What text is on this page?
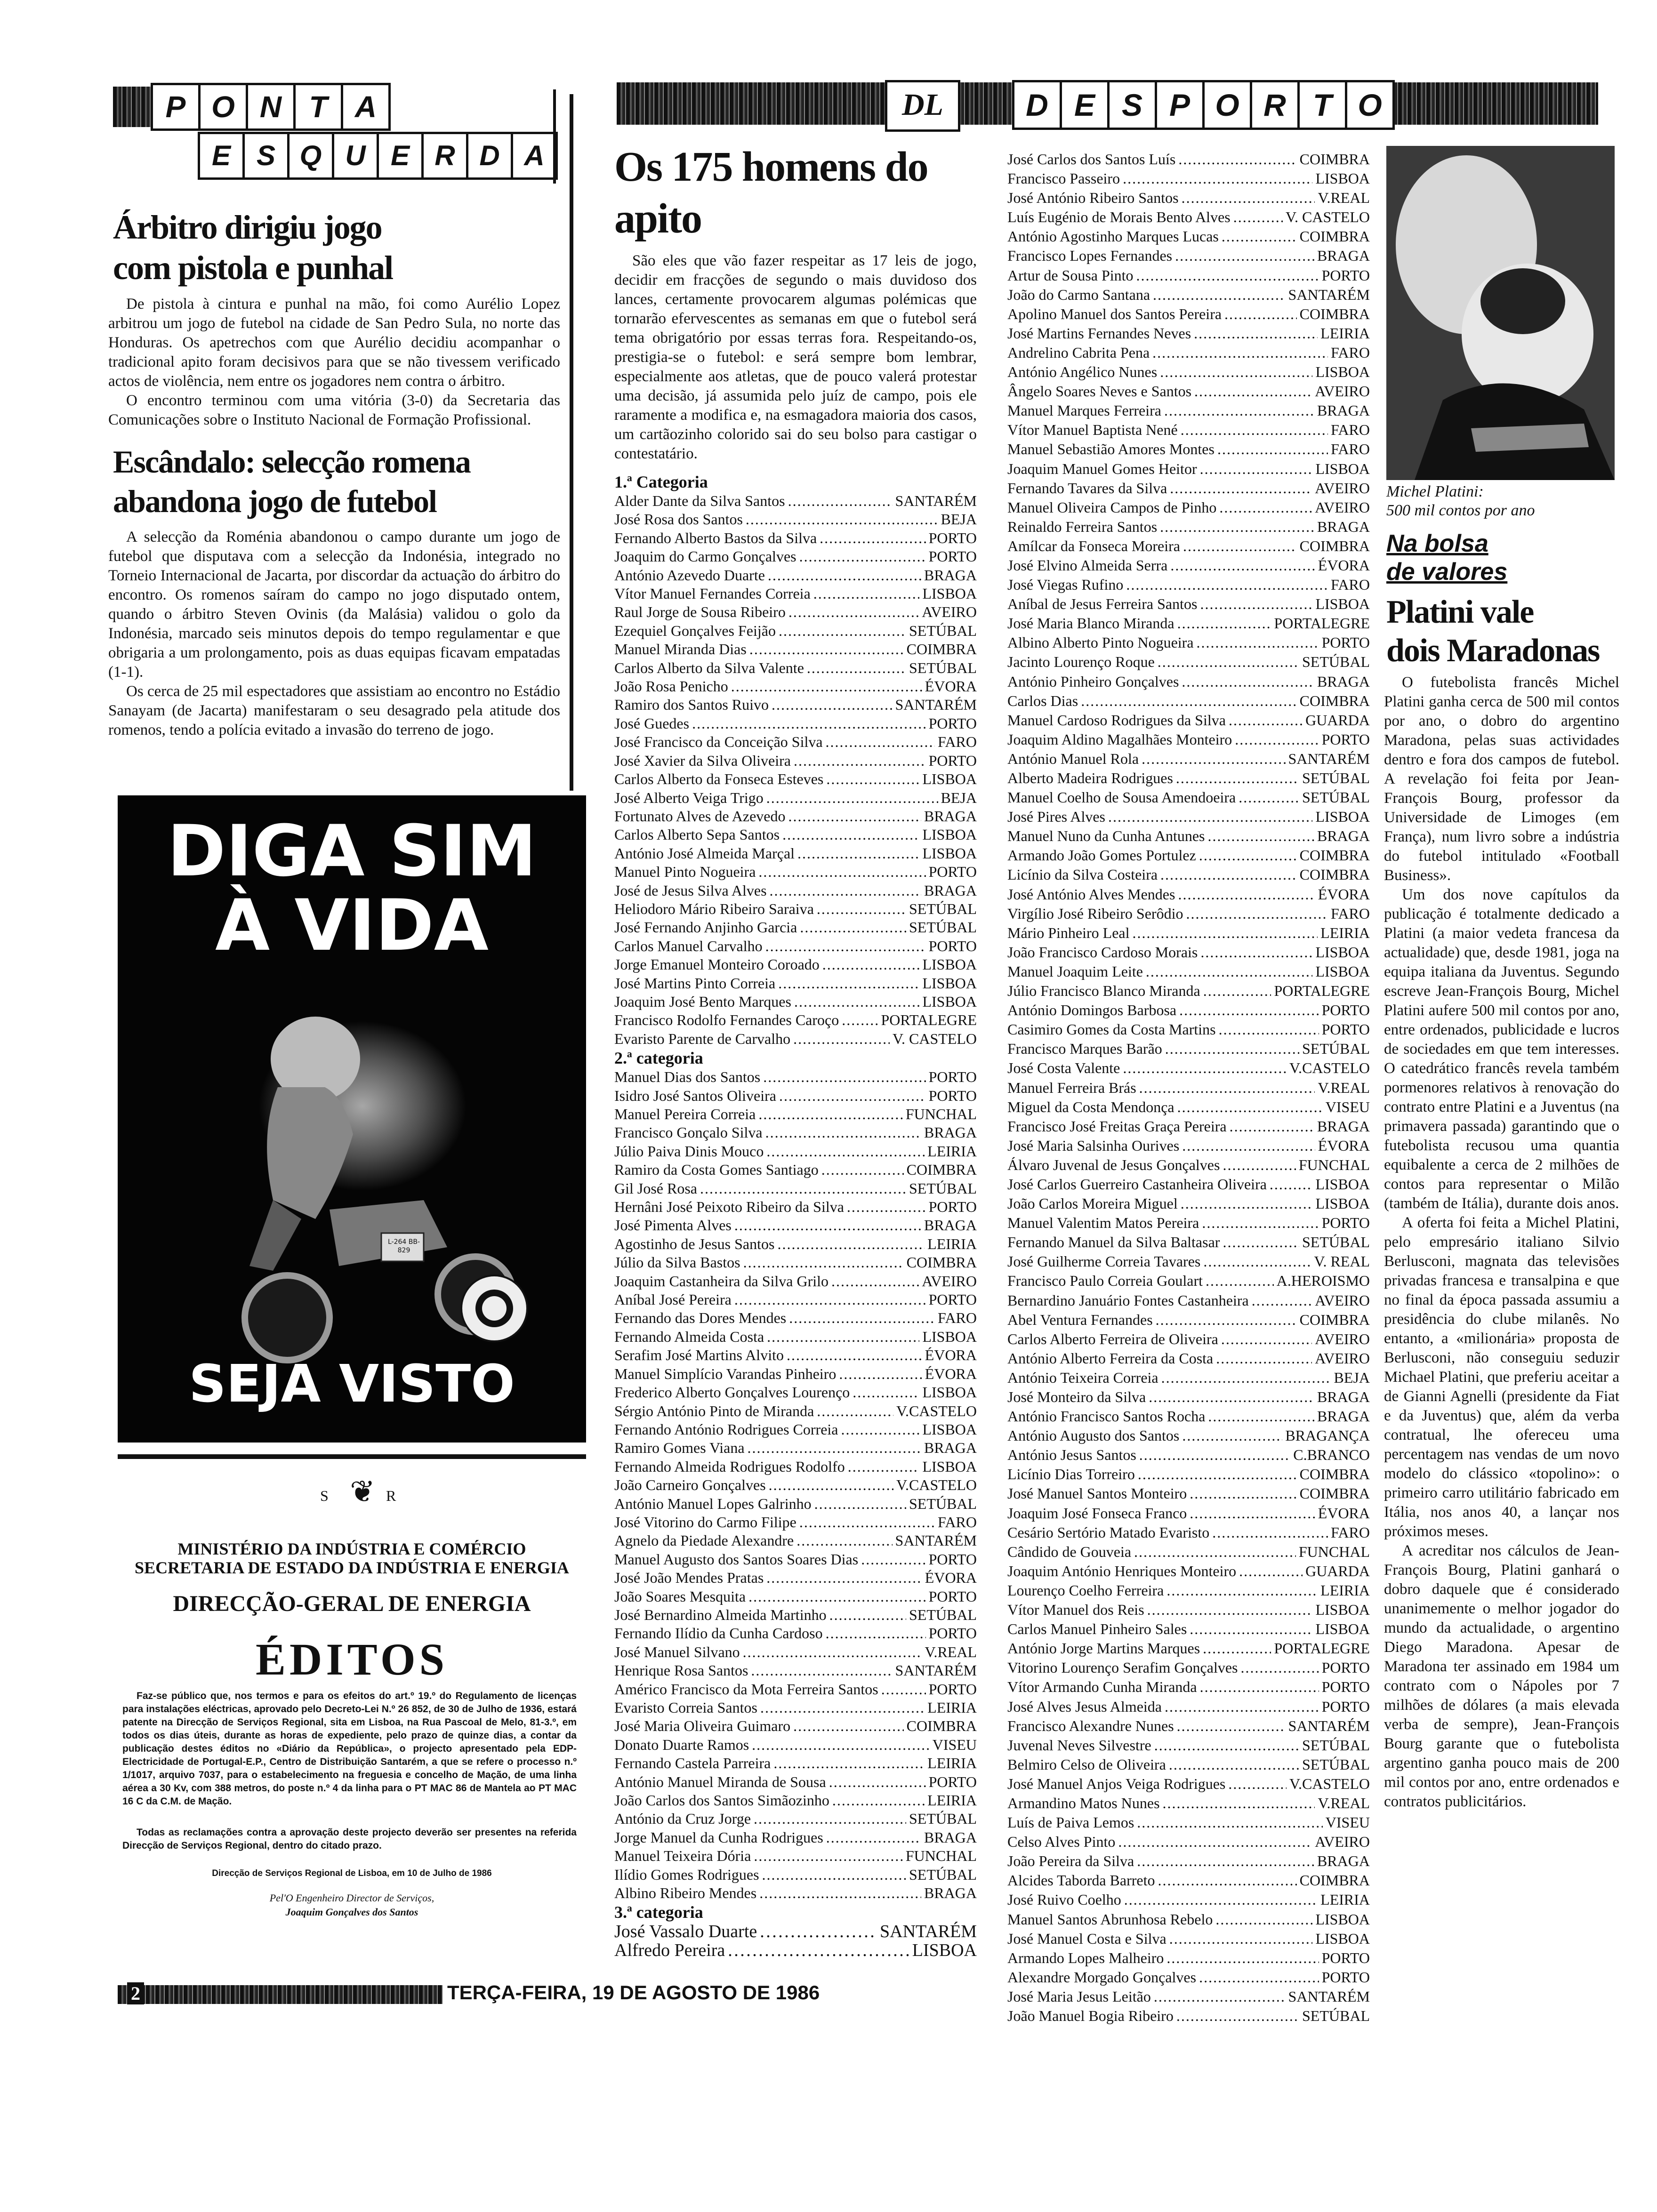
P O N T A
E S Q U E R D A
Árbitro dirigiu jogo
com pistola e punhal

De pistola à cintura e punhal na mão, foi como Aurélio Lopez arbitrou um jogo de futebol na cidade de San Pedro Sula, no norte das Honduras. Os apetrechos com que Aurélio decidiu acompanhar o tradicional apito foram decisivos para que se não tivessem verificado actos de violência, nem entre os jogadores nem contra o árbitro.

O encontro terminou com uma vitória (3-0) da Secretaria das Comunicações sobre o Instituto Nacional de Formação Profissional.

Escândalo: selecção romena
abandona jogo de futebol

A selecção da Roménia abandonou o campo durante um jogo de futebol que disputava com a selecção da Indonésia, integrado no Torneio Internacional de Jacarta, por discordar da actuação do árbitro do encontro. Os romenos saíram do campo no jogo disputado ontem, quando o árbitro Steven Ovinis (da Malásia) validou o golo da Indonésia, marcado seis minutos depois do tempo regulamentar e que obrigaria a um prolongamento, pois as duas equipas ficavam empatadas (1-1).

Os cerca de 25 mil espectadores que assistiam ao encontro no Estádio Sanayam (de Jacarta) manifestaram o seu desagrado pela atitude dos romenos, tendo a polícia evitado a invasão do terreno de jogo.

DIGA SIM
À VIDA
L-264 BB-829
SEJA VISTO
S ❦ R
MINISTÉRIO DA INDÚSTRIA E COMÉRCIO
SECRETARIA DE ESTADO DA INDÚSTRIA E ENERGIA
DIRECÇÃO-GERAL DE ENERGIA
ÉDITOS
Faz-se público que, nos termos e para os efeitos do art.º 19.º do Regulamento de licenças para instalações eléctricas, aprovado pelo Decreto-Lei N.º 26 852, de 30 de Julho de 1936, estará patente na Direcção de Serviços Regional, sita em Lisboa, na Rua Pascoal de Melo, 81-3.º, em todos os dias úteis, durante as horas de expediente, pelo prazo de quinze dias, a contar da publicação destes éditos no «Diário da República», o projecto apresentado pela EDP-Electricidade de Portugal-E.P., Centro de Distribuição Santarém, a que se refere o processo n.º 1/1017, arquivo 7037, para o estabelecimento na freguesia e concelho de Mação, de uma linha aérea a 30 Kv, com 388 metros, do poste n.º 4 da linha para o PT MAC 86 de Mantela ao PT MAC 16 C da C.M. de Mação.
Todas as reclamações contra a aprovação deste projecto deverão ser presentes na referida Direcção de Serviços Regional, dentro do citado prazo.
Direcção de Serviços Regional de Lisboa, em 10 de Julho de 1986
Pel'O Engenheiro Director de Serviços,
Joaquim Gonçalves dos Santos
DL	D E S P O R T O
Os 175 homens do apito

São eles que vão fazer respeitar as 17 leis de jogo, decidir em fracções de segundo o mais duvidoso dos lances, certamente provocarem algumas polémicas que tornarão efervescentes as semanas em que o futebol será tema obrigatório por essas terras fora. Respeitando-os, prestigia-se o futebol: e será sempre bom lembrar, especialmente aos atletas, que de pouco valerá protestar uma decisão, já assumida pelo juíz de campo, pois ele raramente a modifica e, na esmagadora maioria dos casos, um cartãozinho colorido sai do seu bolso para castigar o contestatário.

1.ª Categoria
Alder Dante da Silva Santos . . .	SANTARÉM
José Rosa dos Santos . . .	BEJA
Fernando Alberto Bastos da Silva . . .	PORTO
Joaquim do Carmo Gonçalves . . .	PORTO
António Azevedo Duarte . . .	BRAGA
Vítor Manuel Fernandes Correia . . .	LISBOA
Raul Jorge de Sousa Ribeiro . . .	AVEIRO
Ezequiel Gonçalves Feijão . . .	SETÚBAL
Manuel Miranda Dias . . .	COIMBRA
Carlos Alberto da Silva Valente . . .	SETÚBAL
João Rosa Penicho . . .	ÉVORA
Ramiro dos Santos Ruivo . . .	SANTARÉM
José Guedes . . .	PORTO
José Francisco da Conceição Silva . . .	FARO
José Xavier da Silva Oliveira . . .	PORTO
Carlos Alberto da Fonseca Esteves . . .	LISBOA
José Alberto Veiga Trigo . . .	BEJA
Fortunato Alves de Azevedo . . .	BRAGA
Carlos Alberto Sepa Santos . . .	LISBOA
António José Almeida Marçal . . .	LISBOA
Manuel Pinto Nogueira . . .	PORTO
José de Jesus Silva Alves . . .	BRAGA
Heliodoro Mário Ribeiro Saraiva . . .	SETÚBAL
José Fernando Anjinho Garcia . . .	SETÚBAL
Carlos Manuel Carvalho . . .	PORTO
Jorge Emanuel Monteiro Coroado . . .	LISBOA
José Martins Pinto Correia . . .	LISBOA
Joaquim José Bento Marques . . .	LISBOA
Francisco Rodolfo Fernandes Caroço . . .	PORTALEGRE
Evaristo Parente de Carvalho . . .	V. CASTELO
2.ª categoria
Manuel Dias dos Santos . . .	PORTO
Isidro José Santos Oliveira . . .	PORTO
Manuel Pereira Correia . . .	FUNCHAL
Francisco Gonçalo Silva . . .	BRAGA
Júlio Paiva Dinis Mouco . . .	LEIRIA
Ramiro da Costa Gomes Santiago . . .	COIMBRA
Gil José Rosa . . .	SETÚBAL
Hernâni José Peixoto Ribeiro da Silva . . .	PORTO
José Pimenta Alves . . .	BRAGA
Agostinho de Jesus Santos . . .	LEIRIA
Júlio da Silva Bastos . . .	COIMBRA
Joaquim Castanheira da Silva Grilo . . .	AVEIRO
Aníbal José Pereira . . .	PORTO
Fernando das Dores Mendes . . .	FARO
Fernando Almeida Costa . . .	LISBOA
Serafim José Martins Alvito . . .	ÉVORA
Manuel Simplício Varandas Pinheiro . . .	ÉVORA
Frederico Alberto Gonçalves Lourenço . . .	LISBOA
Sérgio António Pinto de Miranda . . .	V.CASTELO
Fernando António Rodrigues Correia . . .	LISBOA
Ramiro Gomes Viana . . .	BRAGA
Fernando Almeida Rodrigues Rodolfo . . .	LISBOA
João Carneiro Gonçalves . . .	V.CASTELO
António Manuel Lopes Galrinho . . .	SETÚBAL
José Vitorino do Carmo Filipe . . .	FARO
Agnelo da Piedade Alexandre . . .	SANTARÉM
Manuel Augusto dos Santos Soares Dias . . .	PORTO
José João Mendes Pratas . . .	ÉVORA
João Soares Mesquita . . .	PORTO
José Bernardino Almeida Martinho . . .	SETÚBAL
Fernando Ilídio da Cunha Cardoso . . .	PORTO
José Manuel Silvano . . .	V.REAL
Henrique Rosa Santos . . .	SANTARÉM
Américo Francisco da Mota Ferreira Santos . . .	PORTO
Evaristo Correia Santos . . .	LEIRIA
José Maria Oliveira Guimaro . . .	COIMBRA
Donato Duarte Ramos . . .	VISEU
Fernando Castela Parreira . . .	LEIRIA
António Manuel Miranda de Sousa . . .	PORTO
João Carlos dos Santos Simãozinho . . .	LEIRIA
António da Cruz Jorge . . .	SETÚBAL
Jorge Manuel da Cunha Rodrigues . . .	BRAGA
Manuel Teixeira Dória . . .	FUNCHAL
Ilídio Gomes Rodrigues . . .	SETÚBAL
Albino Ribeiro Mendes . . .	BRAGA
3.ª categoria
José Vassalo Duarte . . .	SANTARÉM
Alfredo Pereira . . .	LISBOA
José Carlos dos Santos Luís . . .	COIMBRA
Francisco Passeiro . . .	LISBOA
José António Ribeiro Santos . . .	V.REAL
Luís Eugénio de Morais Bento Alves . . .	V. CASTELO
António Agostinho Marques Lucas . . .	COIMBRA
Francisco Lopes Fernandes . . .	BRAGA
Artur de Sousa Pinto . . .	PORTO
João do Carmo Santana . . .	SANTARÉM
Apolino Manuel dos Santos Pereira . . .	COIMBRA
José Martins Fernandes Neves . . .	LEIRIA
Andrelino Cabrita Pena . . .	FARO
António Angélico Nunes . . .	LISBOA
Ângelo Soares Neves e Santos . . .	AVEIRO
Manuel Marques Ferreira . . .	BRAGA
Vítor Manuel Baptista Nené . . .	FARO
Manuel Sebastião Amores Montes . . .	FARO
Joaquim Manuel Gomes Heitor . . .	LISBOA
Fernando Tavares da Silva . . .	AVEIRO
Manuel Oliveira Campos de Pinho . . .	AVEIRO
Reinaldo Ferreira Santos . . .	BRAGA
Amílcar da Fonseca Moreira . . .	COIMBRA
José Elvino Almeida Serra . . .	ÉVORA
José Viegas Rufino . . .	FARO
Aníbal de Jesus Ferreira Santos . . .	LISBOA
José Maria Blanco Miranda . . .	PORTALEGRE
Albino Alberto Pinto Nogueira . . .	PORTO
Jacinto Lourenço Roque . . .	SETÚBAL
António Pinheiro Gonçalves . . .	BRAGA
Carlos Dias . . .	COIMBRA
Manuel Cardoso Rodrigues da Silva . . .	GUARDA
Joaquim Aldino Magalhães Monteiro . . .	PORTO
António Manuel Rola . . .	SANTARÉM
Alberto Madeira Rodrigues . . .	SETÚBAL
Manuel Coelho de Sousa Amendoeira . . .	SETÚBAL
José Pires Alves . . .	LISBOA
Manuel Nuno da Cunha Antunes . . .	BRAGA
Armando João Gomes Portulez . . .	COIMBRA
Licínio da Silva Costeira . . .	COIMBRA
José António Alves Mendes . . .	ÉVORA
Virgílio José Ribeiro Serôdio . . .	FARO
Mário Pinheiro Leal . . .	LEIRIA
João Francisco Cardoso Morais . . .	LISBOA
Manuel Joaquim Leite . . .	LISBOA
Júlio Francisco Blanco Miranda . . .	PORTALEGRE
António Domingos Barbosa . . .	PORTO
Casimiro Gomes da Costa Martins . . .	PORTO
Francisco Marques Barão . . .	SETÚBAL
José Costa Valente . . .	V.CASTELO
Manuel Ferreira Brás . . .	V.REAL
Miguel da Costa Mendonça . . .	VISEU
Francisco José Freitas Graça Pereira . . .	BRAGA
José Maria Salsinha Ourives . . .	ÉVORA
Álvaro Juvenal de Jesus Gonçalves . . .	FUNCHAL
José Carlos Guerreiro Castanheira Oliveira . . .	LISBOA
João Carlos Moreira Miguel . . .	LISBOA
Manuel Valentim Matos Pereira . . .	PORTO
Fernando Manuel da Silva Baltasar . . .	SETÚBAL
José Guilherme Correia Tavares . . .	V. REAL
Francisco Paulo Correia Goulart . . .	A.HEROISMO
Bernardino Januário Fontes Castanheira . . .	AVEIRO
Abel Ventura Fernandes . . .	COIMBRA
Carlos Alberto Ferreira de Oliveira . . .	AVEIRO
António Alberto Ferreira da Costa . . .	AVEIRO
António Teixeira Correia . . .	BEJA
José Monteiro da Silva . . .	BRAGA
António Francisco Santos Rocha . . .	BRAGA
António Augusto dos Santos . . .	BRAGANÇA
António Jesus Santos . . .	C.BRANCO
Licínio Dias Torreiro . . .	COIMBRA
José Manuel Santos Monteiro . . .	COIMBRA
Joaquim José Fonseca Franco . . .	ÉVORA
Cesário Sertório Matado Evaristo . . .	FARO
Cândido de Gouveia . . .	FUNCHAL
Joaquim António Henriques Monteiro . . .	GUARDA
Lourenço Coelho Ferreira . . .	LEIRIA
Vítor Manuel dos Reis . . .	LISBOA
Carlos Manuel Pinheiro Sales . . .	LISBOA
António Jorge Martins Marques . . .	PORTALEGRE
Vitorino Lourenço Serafim Gonçalves . . .	PORTO
Vítor Armando Cunha Miranda . . .	PORTO
José Alves Jesus Almeida . . .	PORTO
Francisco Alexandre Nunes . . .	SANTARÉM
Juvenal Neves Silvestre . . .	SETÚBAL
Belmiro Celso de Oliveira . . .	SETÚBAL
José Manuel Anjos Veiga Rodrigues . . .	V.CASTELO
Armandino Matos Nunes . . .	V.REAL
Luís de Paiva Lemos . . .	VISEU
Celso Alves Pinto . . .	AVEIRO
João Pereira da Silva . . .	BRAGA
Alcides Taborda Barreto . . .	COIMBRA
José Ruivo Coelho . . .	LEIRIA
Manuel Santos Abrunhosa Rebelo . . .	LISBOA
José Manuel Costa e Silva . . .	LISBOA
Armando Lopes Malheiro . . .	PORTO
Alexandre Morgado Gonçalves . . .	PORTO
José Maria Jesus Leitão . . .	SANTARÉM
João Manuel Bogia Ribeiro . . .	SETÚBAL
Michel Platini:
500 mil contos por ano
Na bolsa
de valores
Platini vale
dois Maradonas

O futebolista francês Michel Platini ganha cerca de 500 mil contos por ano, o dobro do argentino Maradona, pelas suas actividades dentro e fora dos campos de futebol. A revelação foi feita por Jean-François Bourg, professor da Universidade de Limoges (em França), num livro sobre a indústria do futebol intitulado «Football Business».

Um dos nove capítulos da publicação é totalmente dedicado a Platini (a maior vedeta francesa da actualidade) que, desde 1981, joga na equipa italiana da Juventus. Segundo escreve Jean-François Bourg, Michel Platini aufere 500 mil contos por ano, entre ordenados, publicidade e lucros de sociedades em que tem interesses. O catedrático francês revela também pormenores relativos à renovação do contrato entre Platini e a Juventus (na primavera passada) garantindo que o futebolista recusou uma quantia equibalente a cerca de 2 milhões de contos para representar o Milão (também de Itália), durante dois anos.

A oferta foi feita a Michel Platini, pelo empresário italiano Silvio Berlusconi, magnata das televisões privadas francesa e transalpina e que no final da época passada assumiu a presidência do clube milanês. No entanto, a «milionária» proposta de Berlusconi, não conseguiu seduzir Michael Platini, que preferiu aceitar a de Gianni Agnelli (presidente da Fiat e da Juventus) que, além da verba contratual, lhe ofereceu uma percentagem nas vendas de um novo modelo do clássico «topolino»: o primeiro carro utilitário fabricado em Itália, nos anos 40, a lançar nos próximos meses.

A acreditar nos cálculos de Jean-François Bourg, Platini ganhará o dobro daquele que é considerado unanimemente o melhor jogador do mundo da actualidade, o argentino Diego Maradona. Apesar de Maradona ter assinado em 1984 um contrato com o Nápoles por 7 milhões de dólares (a mais elevada verba de sempre), Jean-François Bourg garante que o futebolista argentino ganha pouco mais de 200 mil contos por ano, entre ordenados e contratos publicitários.

2	TERÇA-FEIRA, 19 DE AGOSTO DE 1986
